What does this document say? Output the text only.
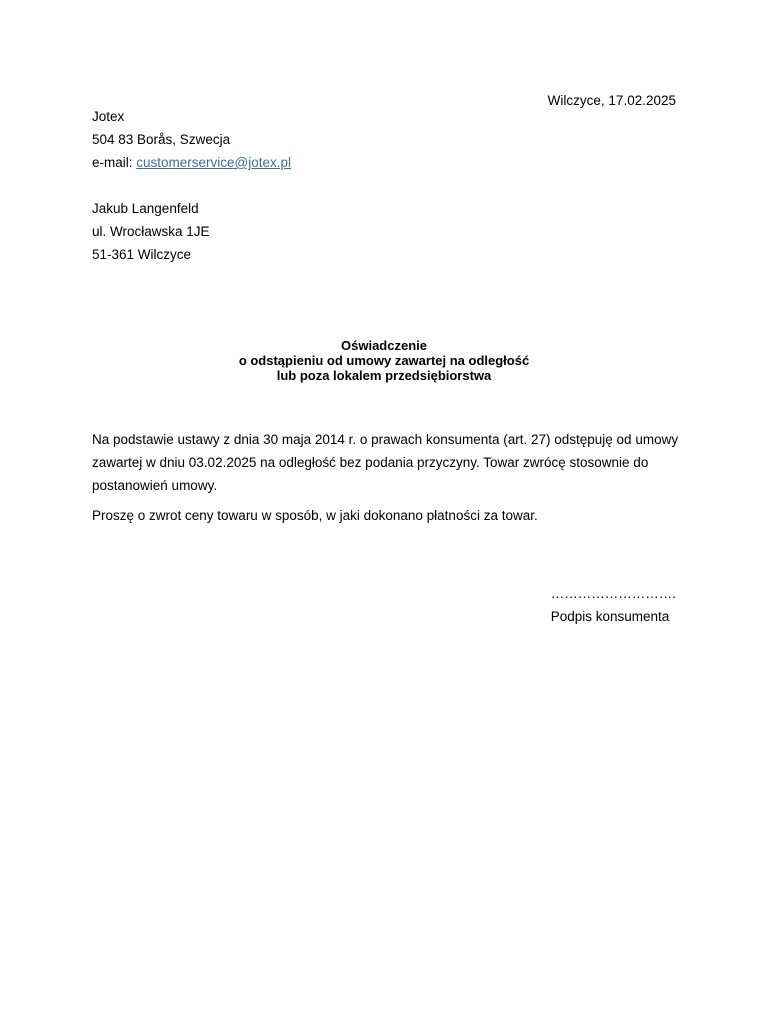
Wilczyce, 17.02.2025
Jotex
504 83 Borås, Szwecja
e-mail: customerservice@jotex.pl
Jakub Langenfeld
ul. Wrocławska 1JE
51-361 Wilczyce
Oświadczenie
o odstąpieniu od umowy zawartej na odległość
lub poza lokalem przedsiębiorstwa

Na podstawie ustawy z dnia 30 maja 2014 r. o prawach konsumenta (art. 27) odstępuję od umowy zawartej w dniu 03.02.2025 na odległość bez podania przyczyny. Towar zwrócę stosownie do postanowień umowy.

Proszę o zwrot ceny towaru w sposób, w jaki dokonano płatności za towar.

……………………….
Podpis konsumenta
